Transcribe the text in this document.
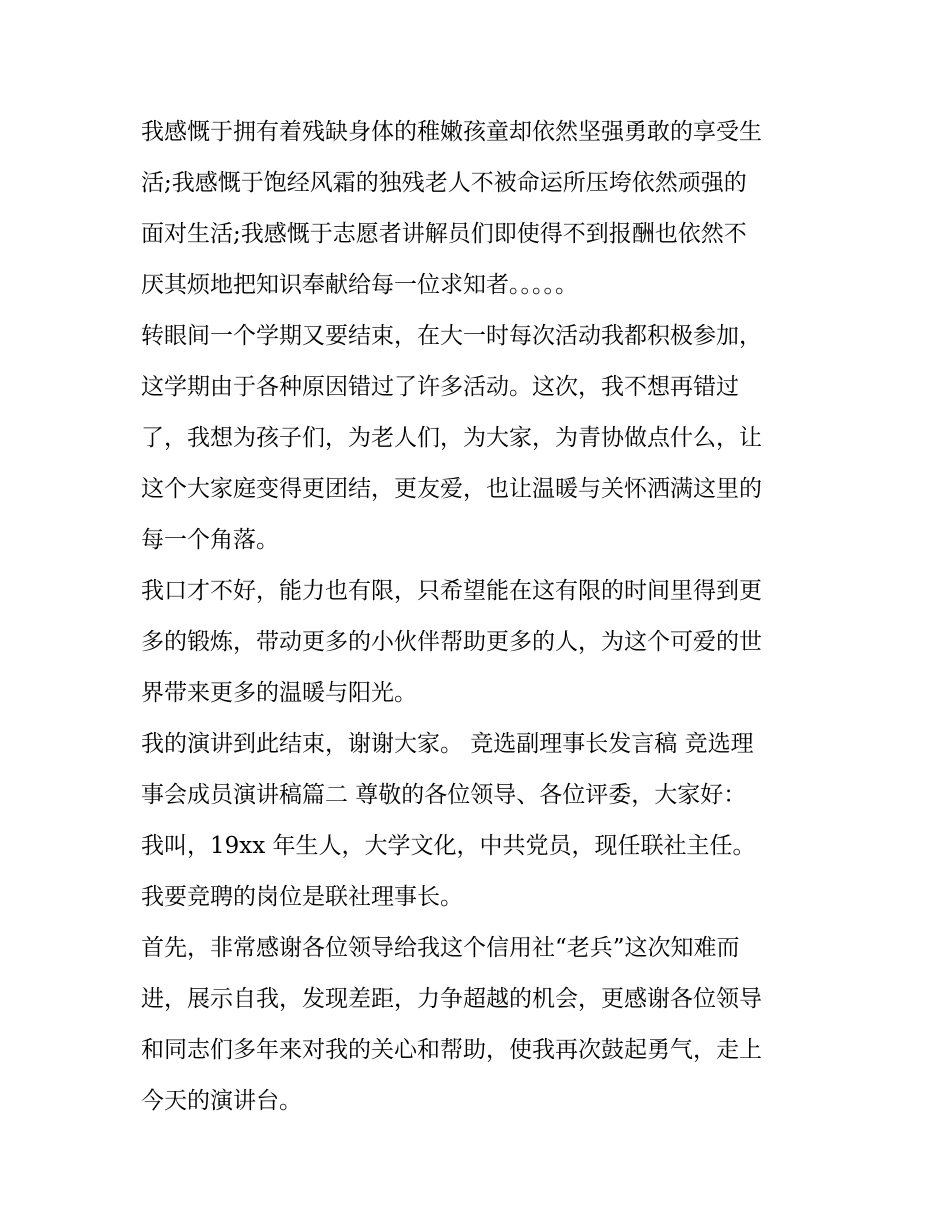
我感慨于拥有着残缺身体的稚嫩孩童却依然坚强勇敢的享受生
活;我感慨于饱经风霜的独残老人不被命运所压垮依然顽强的
面对生活;我感慨于志愿者讲解员们即使得不到报酬也依然不
厌其烦地把知识奉献给每一位求知者。。。。。
转眼间一个学期又要结束，在大一时每次活动我都积极参加，
这学期由于各种原因错过了许多活动。这次，我不想再错过
了，我想为孩子们，为老人们，为大家，为青协做点什么，让
这个大家庭变得更团结，更友爱，也让温暖与关怀洒满这里的
每一个角落。
我口才不好，能力也有限，只希望能在这有限的时间里得到更
多的锻炼，带动更多的小伙伴帮助更多的人，为这个可爱的世
界带来更多的温暖与阳光。
我的演讲到此结束，谢谢大家。 竞选副理事长发言稿 竞选理
事会成员演讲稿篇二 尊敬的各位领导、各位评委，大家好：
我叫，19xx 年生人，大学文化，中共党员，现任联社主任。
我要竞聘的岗位是联社理事长。
首先，非常感谢各位领导给我这个信用社“老兵”这次知难而
进，展示自我，发现差距，力争超越的机会，更感谢各位领导
和同志们多年来对我的关心和帮助，使我再次鼓起勇气，走上
今天的演讲台。
